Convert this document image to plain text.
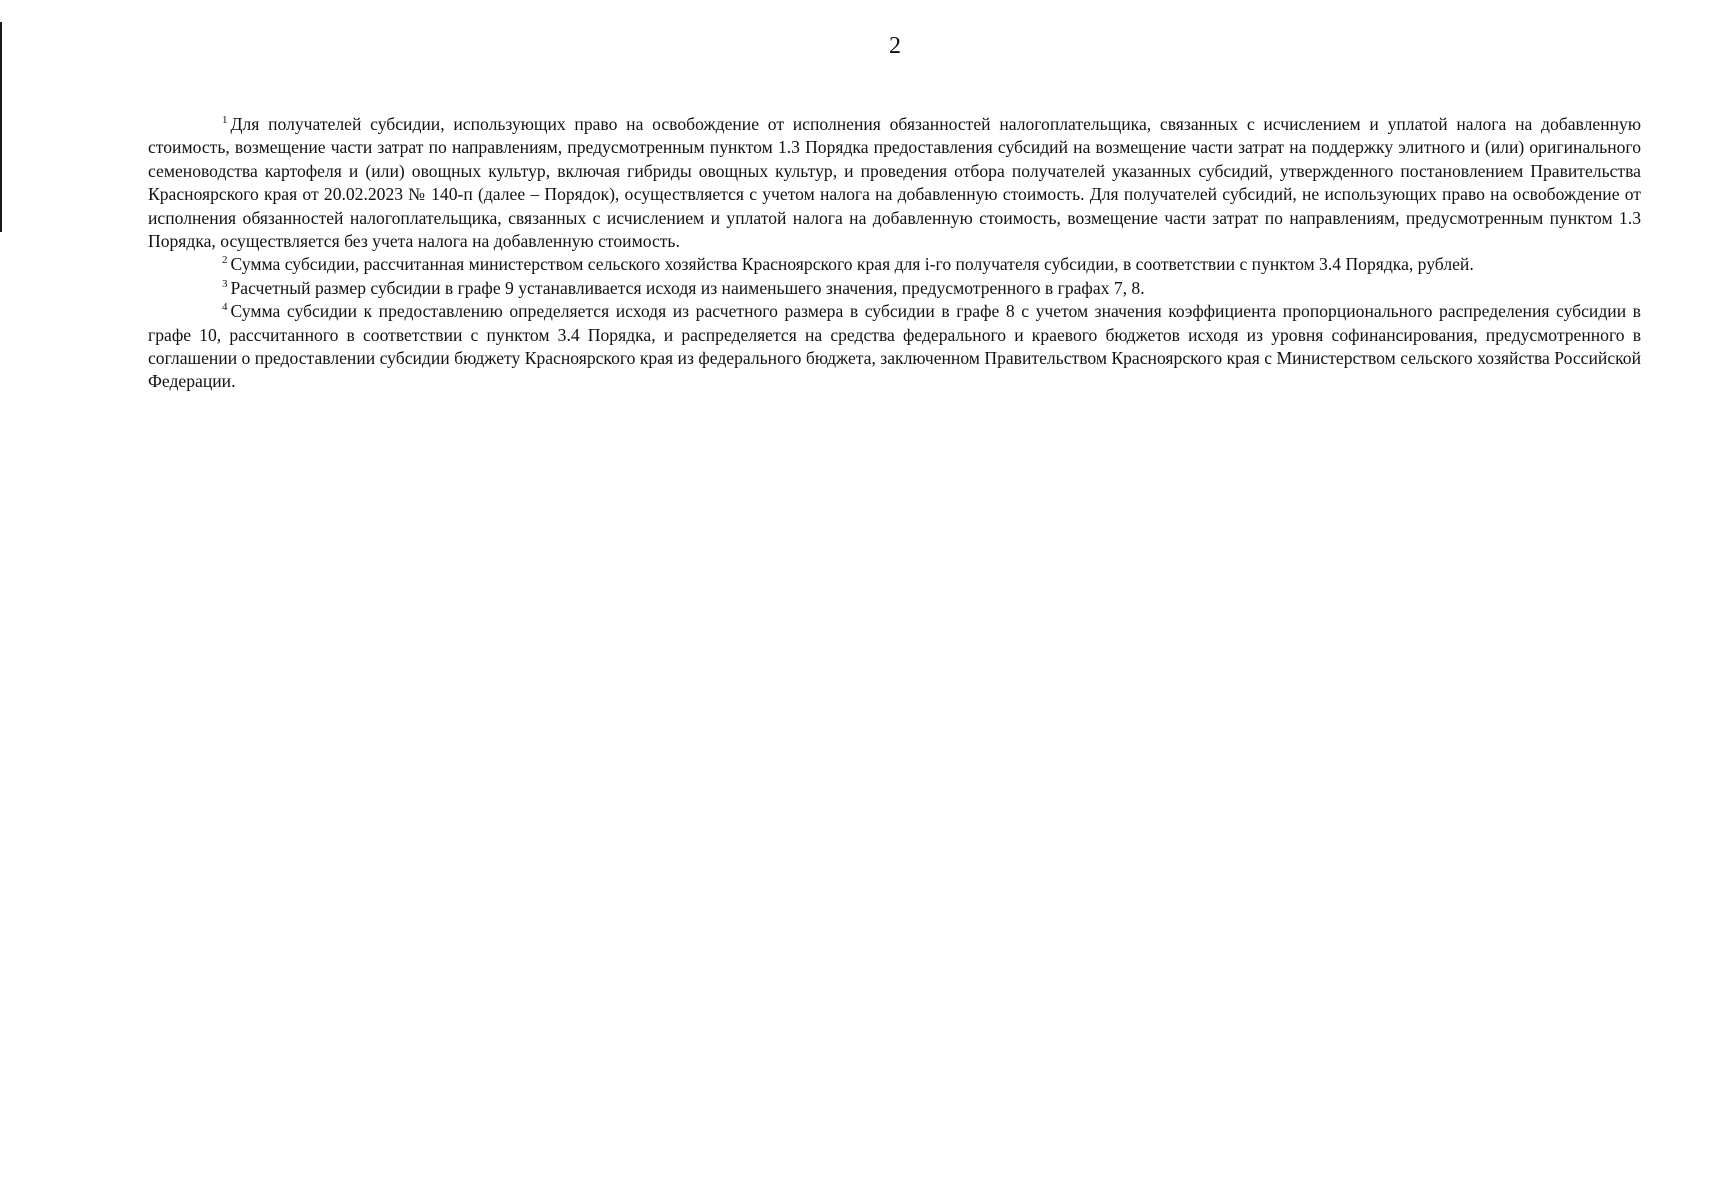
2

$^1$ Для получателей субсидии, использующих право на освобождение от исполнения обязанностей налогоплательщика, связанных с исчислением и уплатой налога на добавленную стоимость, возмещение части затрат по направлениям, предусмотренным пунктом 1.3 Порядка предоставления субсидий на возмещение части затрат на поддержку элитного и (или) оригинального семеноводства картофеля и (или) овощных культур, включая гибриды овощных культур, и проведения отбора получателей указанных субсидий, утвержденного постановлением Правительства Красноярского края от 20.02.2023 № 140-п (далее – Порядок), осуществляется с учетом налога на добавленную стоимость. Для получателей субсидий, не использующих право на освобождение от исполнения обязанностей налогоплательщика, связанных с исчислением и уплатой налога на добавленную стоимость, возмещение части затрат по направлениям, предусмотренным пунктом 1.3 Порядка, осуществляется без учета налога на добавленную стоимость.

$^2$ Сумма субсидии, рассчитанная министерством сельского хозяйства Красноярского края для i-го получателя субсидии, в соответствии с пунктом 3.4 Порядка, рублей.

$^3$ Расчетный размер субсидии в графе 9 устанавливается исходя из наименьшего значения, предусмотренного в графах 7, 8.

$^4$ Сумма субсидии к предоставлению определяется исходя из расчетного размера в субсидии в графе 8 с учетом значения коэффициента пропорционального распределения субсидии в графе 10, рассчитанного в соответствии с пунктом 3.4 Порядка, и распределяется на средства федерального и краевого бюджетов исходя из уровня софинансирования, предусмотренного в соглашении о предоставлении субсидии бюджету Красноярского края из федерального бюджета, заключенном Правительством Красноярского края с Министерством сельского хозяйства Российской Федерации.
